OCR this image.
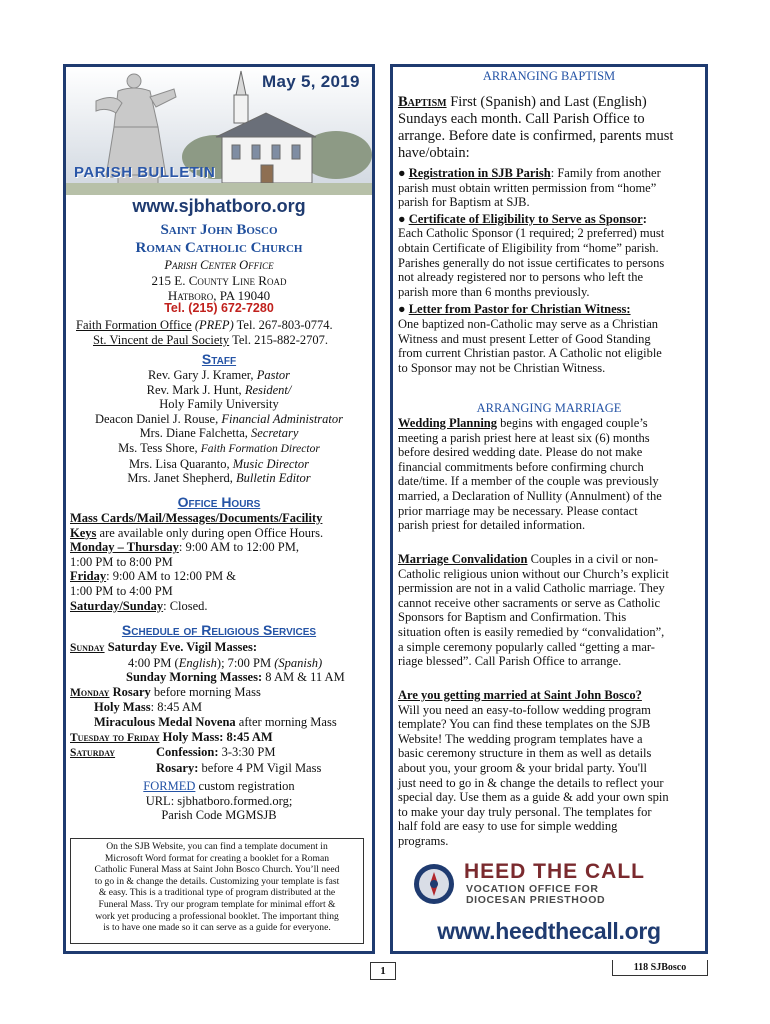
May 5, 2019
PARISH BULLETIN
www.sjbhatboro.org
Saint John Bosco
Roman Catholic Church
Parish Center Office
215 E. County Line Road
Hatboro, PA 19040
Tel. (215) 672-7280
Faith Formation Office (PREP) Tel. 267-803-0774.
St. Vincent de Paul Society Tel. 215-882-2707.
Staff
Rev. Gary J. Kramer, Pastor
Rev. Mark J. Hunt, Resident/
Holy Family University
Deacon Daniel J. Rouse, Financial Administrator
Mrs. Diane Falchetta, Secretary
Ms. Tess Shore, Faith Formation Director
Mrs. Lisa Quaranto, Music Director
Mrs. Janet Shepherd, Bulletin Editor
Office Hours
Mass Cards/Mail/Messages/Documents/Facility
Keys are available only during open Office Hours.
Monday – Thursday: 9:00 AM to 12:00 PM,
1:00 PM to 8:00 PM
Friday: 9:00 AM to 12:00 PM &
1:00 PM to 4:00 PM
Saturday/Sunday: Closed.
Schedule of Religious Services
Sunday Saturday Eve. Vigil Masses:
4:00 PM (English); 7:00 PM (Spanish)
Sunday Morning Masses: 8 AM & 11 AM
Monday Rosary before morning Mass
Holy Mass: 8:45 AM
Miraculous Medal Novena after morning Mass
Tuesday to Friday Holy Mass: 8:45 AM
Saturday	Confession: 3-3:30 PM
Rosary: before 4 PM Vigil Mass
FORMED custom registration
URL: sjbhatboro.formed.org;
Parish Code MGMSJB
On the SJB Website, you can find a template document in
Microsoft Word format for creating a booklet for a Roman
Catholic Funeral Mass at Saint John Bosco Church. You’ll need
to go in & change the details. Customizing your template is fast
& easy. This is a traditional type of program distributed at the
Funeral Mass. Try our program template for minimal effort &
work yet producing a professional booklet. The important thing
is to have one made so it can serve as a guide for everyone.
ARRANGING BAPTISM
Baptism First (Spanish) and Last (English)
Sundays each month. Call Parish Office to
arrange. Before date is confirmed, parents must
have/obtain:
● Registration in SJB Parish: Family from another
parish must obtain written permission from “home”
parish for Baptism at SJB.
● Certificate of Eligibility to Serve as Sponsor:
Each Catholic Sponsor (1 required; 2 preferred) must
obtain Certificate of Eligibility from “home” parish.
Parishes generally do not issue certificates to persons
not already registered nor to persons who left the
parish more than 6 months previously.
● Letter from Pastor for Christian Witness:
One baptized non-Catholic may serve as a Christian
Witness and must present Letter of Good Standing
from current Christian pastor. A Catholic not eligible
to Sponsor may not be Christian Witness.
ARRANGING MARRIAGE
Wedding Planning begins with engaged couple’s
meeting a parish priest here at least six (6) months
before desired wedding date. Please do not make
financial commitments before confirming church
date/time. If a member of the couple was previously
married, a Declaration of Nullity (Annulment) of the
prior marriage may be necessary. Please contact
parish priest for detailed information.
Marriage Convalidation Couples in a civil or non-
Catholic religious union without our Church’s explicit
permission are not in a valid Catholic marriage. They
cannot receive other sacraments or serve as Catholic
Sponsors for Baptism and Confirmation. This
situation often is easily remedied by “convalidation”,
a simple ceremony popularly called “getting a mar-
riage blessed”. Call Parish Office to arrange.
Are you getting married at Saint John Bosco?
Will you need an easy-to-follow wedding program
template? You can find these templates on the SJB
Website! The wedding program templates have a
basic ceremony structure in them as well as details
about you, your groom & your bridal party. You'll
just need to go in & change the details to reflect your
special day. Use them as a guide & add your own spin
to make your day truly personal. The templates for
half fold are easy to use for simple wedding
programs.
HEED THE CALL
VOCATION OFFICE FOR
DIOCESAN PRIESTHOOD
www.heedthecall.org
1	118 SJBosco
